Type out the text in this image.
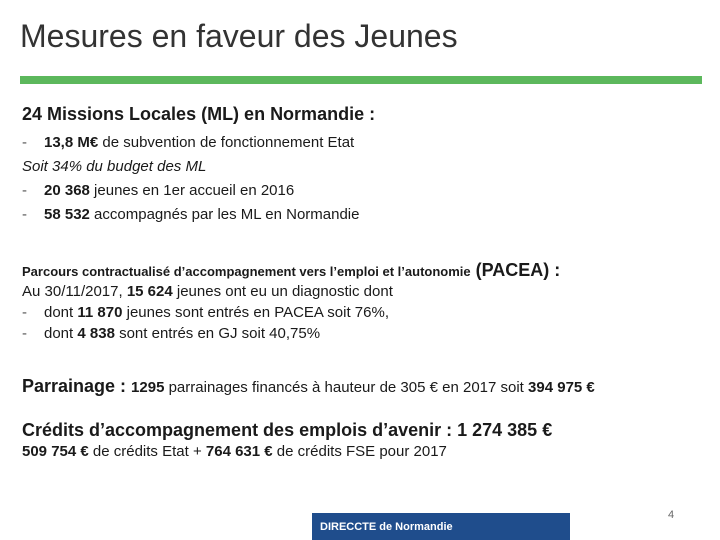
Mesures en faveur des Jeunes
24 Missions Locales (ML) en Normandie :
- 13,8 M€ de subvention de fonctionnement Etat
Soit 34% du budget des ML
- 20 368 jeunes en 1er accueil en 2016
- 58 532 accompagnés par les ML en Normandie
Parcours contractualisé d’accompagnement vers l’emploi et l’autonomie (PACEA) :
Au 30/11/2017, 15 624 jeunes ont eu un diagnostic dont
- dont 11 870 jeunes sont entrés en PACEA soit 76%,
- dont 4 838 sont entrés en GJ soit 40,75%
Parrainage : 1295 parrainages financés à hauteur de 305 € en 2017 soit 394 975 €
Crédits d’accompagnement des emplois d’avenir : 1 274 385 €
509 754 € de crédits Etat + 764 631 € de crédits FSE pour 2017
4
DIRECCTE de Normandie
